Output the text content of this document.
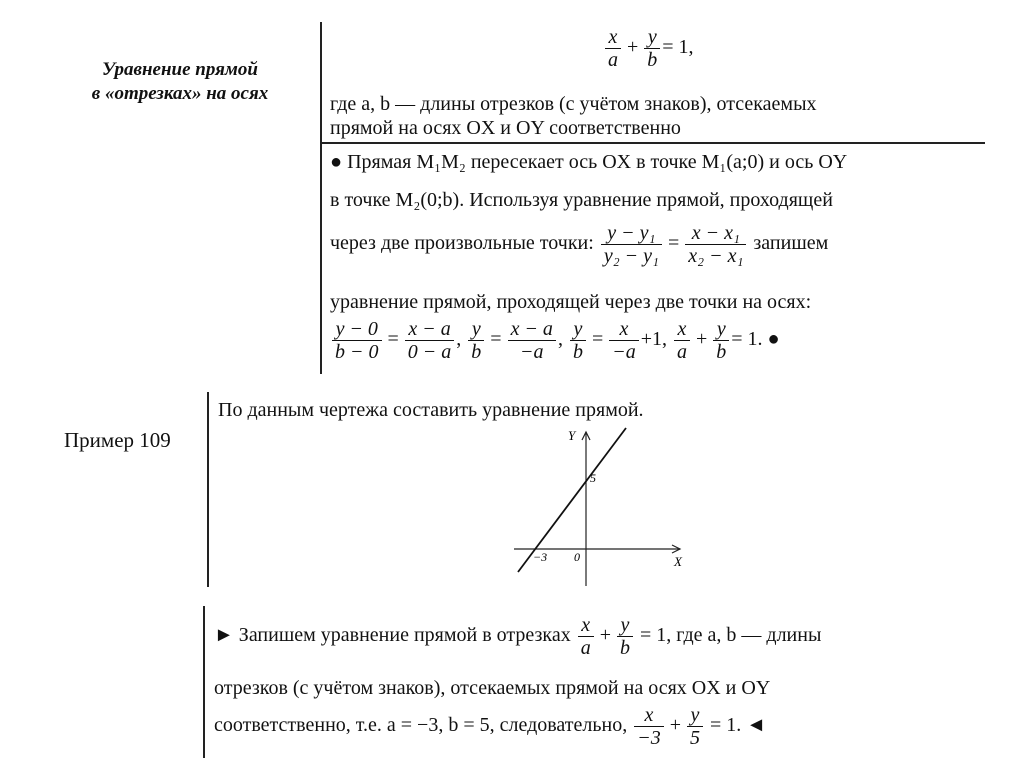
Уравнение прямой
в «отрезках» на осях
$\frac{x}{a} + \frac{y}{b} = 1$,
где a, b — длины отрезков (с учётом знаков), отсекаемых
прямой на осях OX и OY соответственно
● Прямая M₁M₂ пересекает ось OX в точке M₁(a;0) и ось OY
в точке M₂(0;b). Используя уравнение прямой, проходящей
через две произвольные точки: $\frac{\text{y − y₁}}{\text{y₂ − y₁}} = \frac{\text{x − x₁}}{\text{x₂ − x₁}}$ запишем
уравнение прямой, проходящей через две точки на осях:
$\frac{y - 0}{b - 0} = \frac{x - a}{0 - a}$ , $\frac{y}{b} = \frac{x - a}{-a}$ , $\frac{y}{b} = \frac{x}{-a} +1$, $\frac{x}{a} + \frac{y}{b} = 1$. ●
Пример 109
По данным чертежа составить уравнение прямой.
Y
X
0
−3
5
► Запишем уравнение прямой в отрезках $\frac{x}{a} + \frac{y}{b} = 1$, где a, b — длины
отрезков (с учётом знаков), отсекаемых прямой на осях OX и OY
соответственно, т.е. a = −3, b = 5, следовательно, $\frac{x}{-3} + \frac{y}{5} = 1$. ◄
